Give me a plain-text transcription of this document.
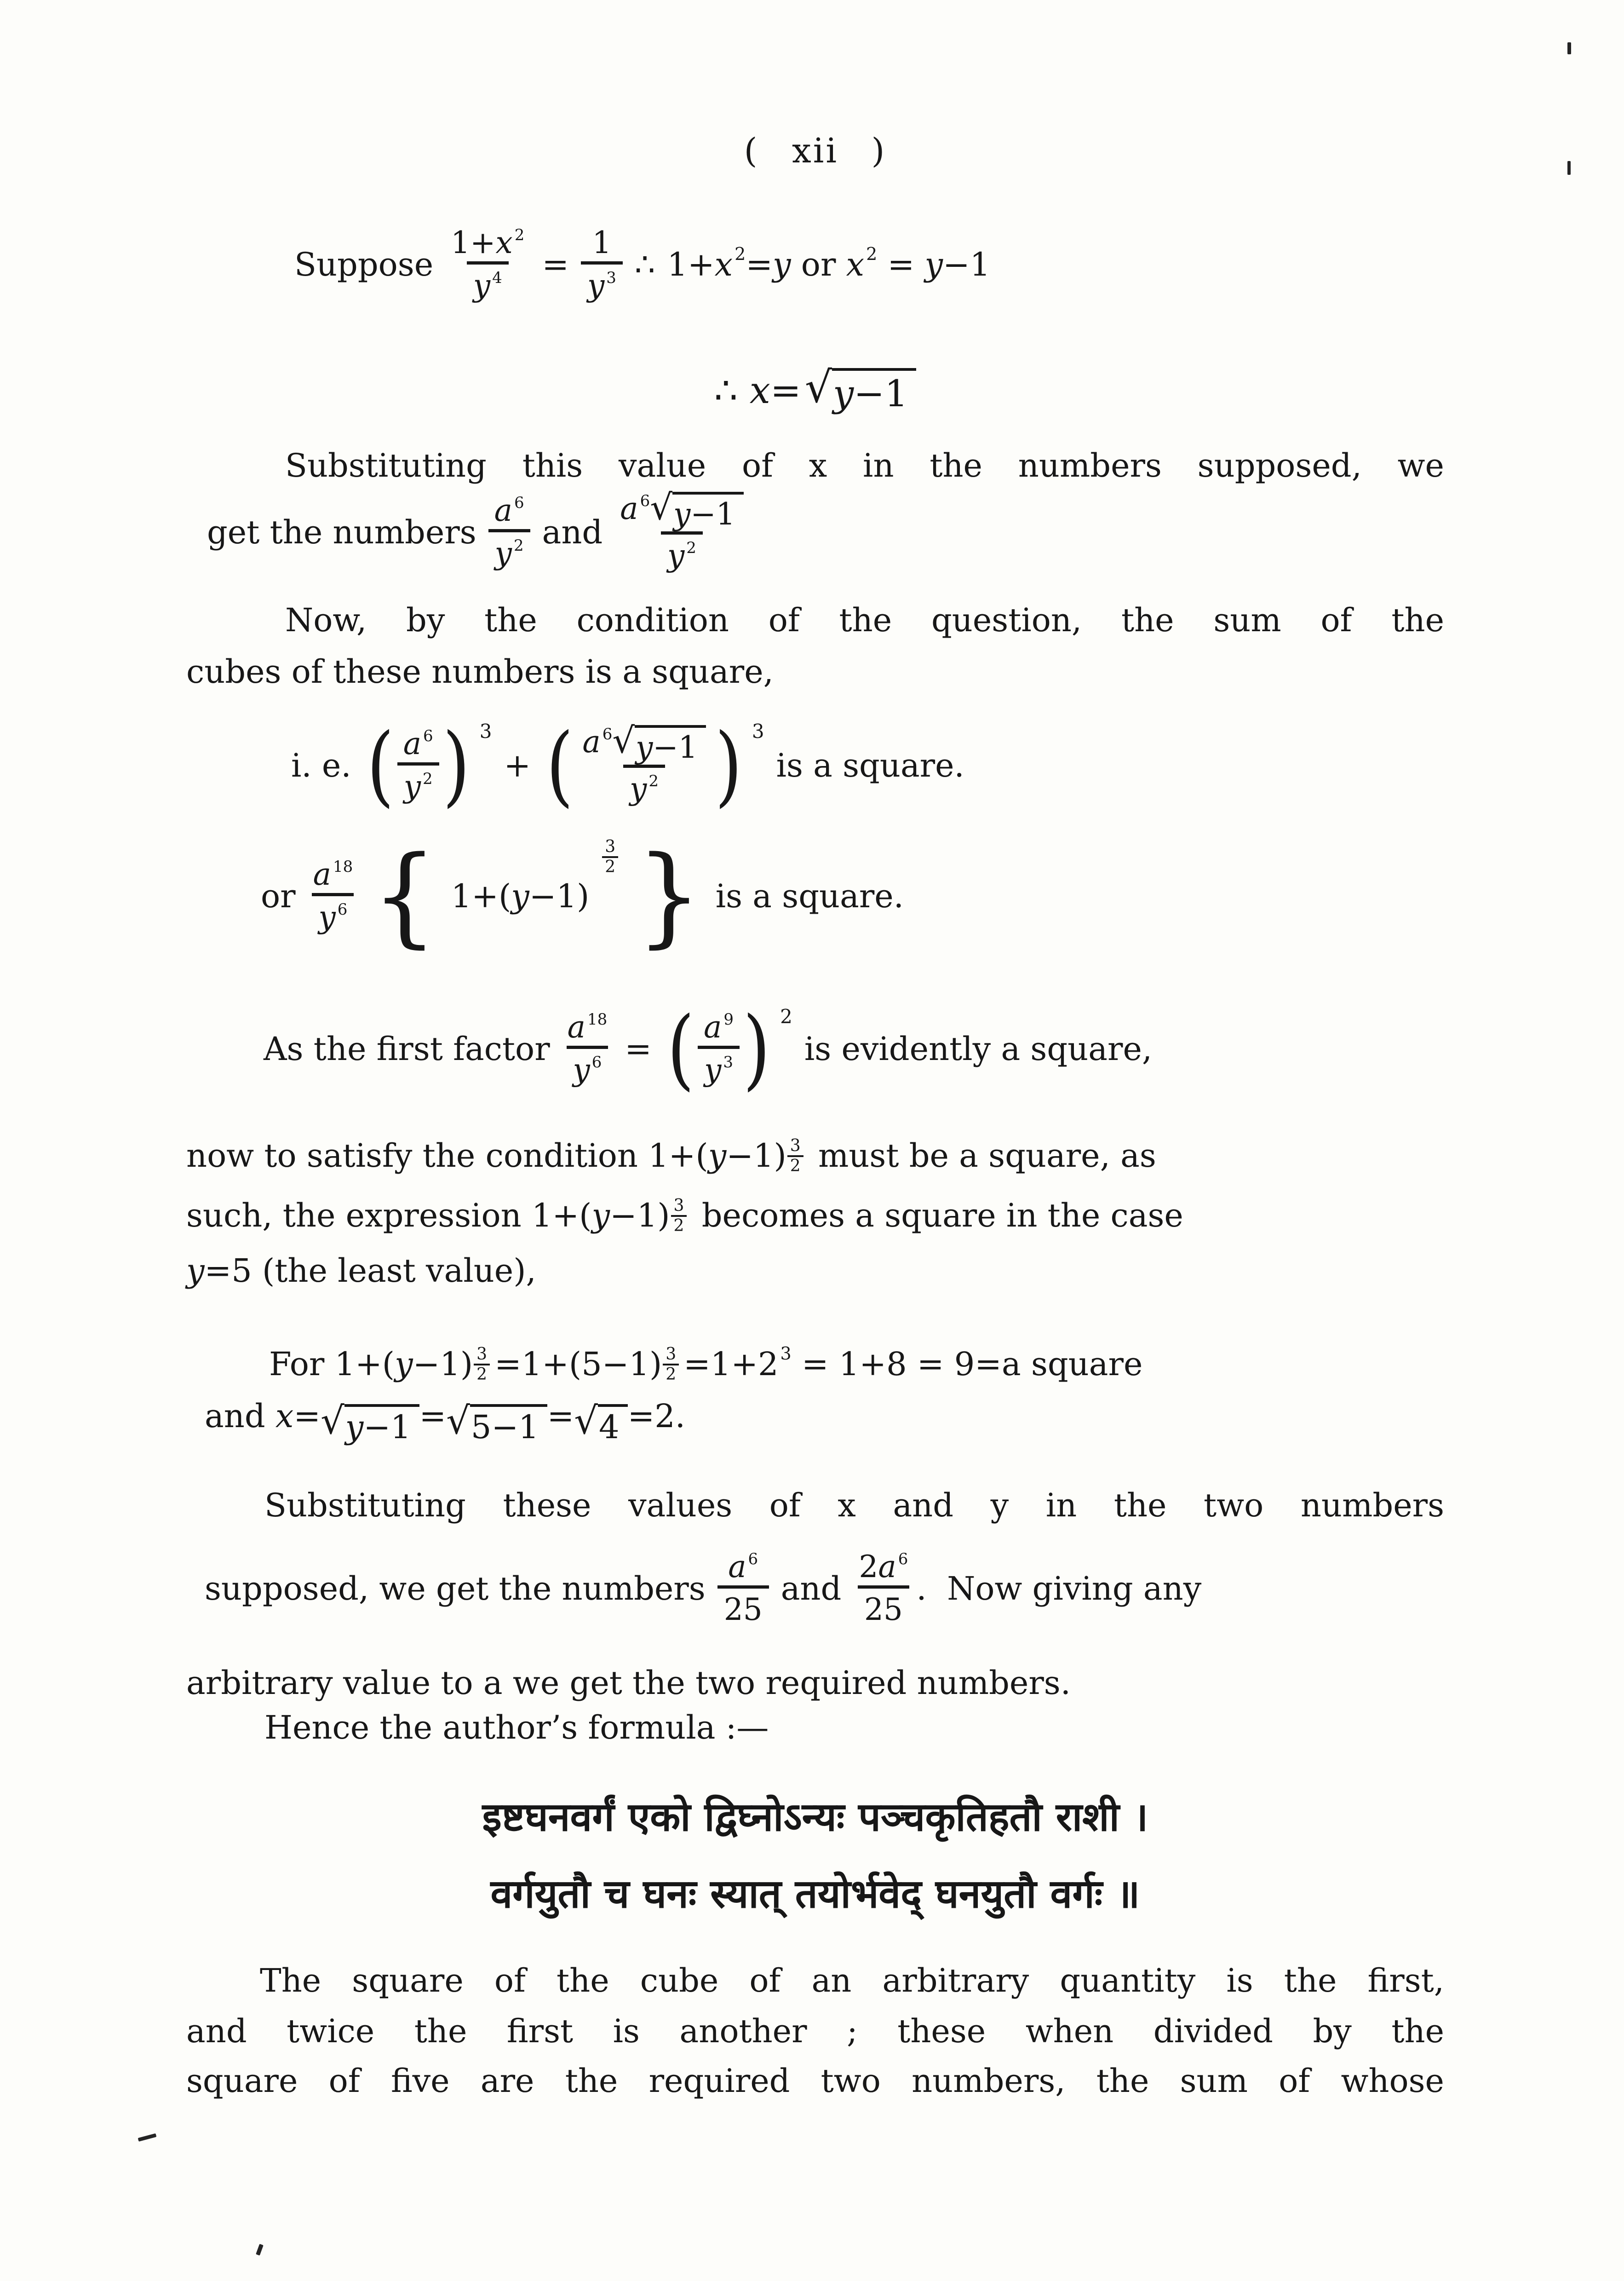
( xii )
Suppose $\frac{1+x ^2}{y ^4} = \frac{1}{y ^3}$ ∴ 1+x $^2$=y or x $^2$ = y−1
∴ x= √ y−1
Substituting this value of x in the numbers supposed, we
get the numbers $\frac{a ^6}{y ^2}$ and $\frac{a ^6 √ y-1}{y ^2}$
Now, by the condition of the question, the sum of the
cubes of these numbers is a square,
i. e. ( $\frac{a ^6}{y ^2}$ ) 3
+ ( $\frac{a ^6 √ y-1}{y ^2}$ ) 3
is a square.
or $\frac{a ^{18}}{y ^6}$ { 1+(y−1)
$\frac{3}{2}$ } is a square.
As the first factor $\frac{a ^{18}}{y ^6}$ = ( $\frac{a ^9}{y ^3}$ ) 2
is evidently a square,
now to satisfy the condition $1+(y-1) \frac{3}{2}$ must be a square, as
such, the expression $1+(y-1) \frac{3}{2}$ becomes a square in the case
y=5 (the least value),
For $1+(y-1) \frac{3}{2} =1+(5-1) \frac{3}{2} =1+2$ $^3$ = 1+8 = 9=a square
and x= √ y−1 = √ 5−1 = √ 4 =2.
Substituting these values of x and y in the two numbers
supposed, we get the numbers $\frac{a ^6}{25}$ and $\frac{2a ^6}{25}$ .  Now giving any
arbitrary value to a we get the two required numbers.
Hence the author’s formula :—
इष्टघनवर्गं एको द्विघ्नोऽन्यः पञ्चकृतिहतौ राशी ।
वर्गयुतौ च घनः स्यात् तयोर्भवेद् घनयुतौ वर्गः ॥
The square of the cube of an arbitrary quantity is the first,
and twice the first is another ; these when divided by the
square of five are the required two numbers, the sum of whose
